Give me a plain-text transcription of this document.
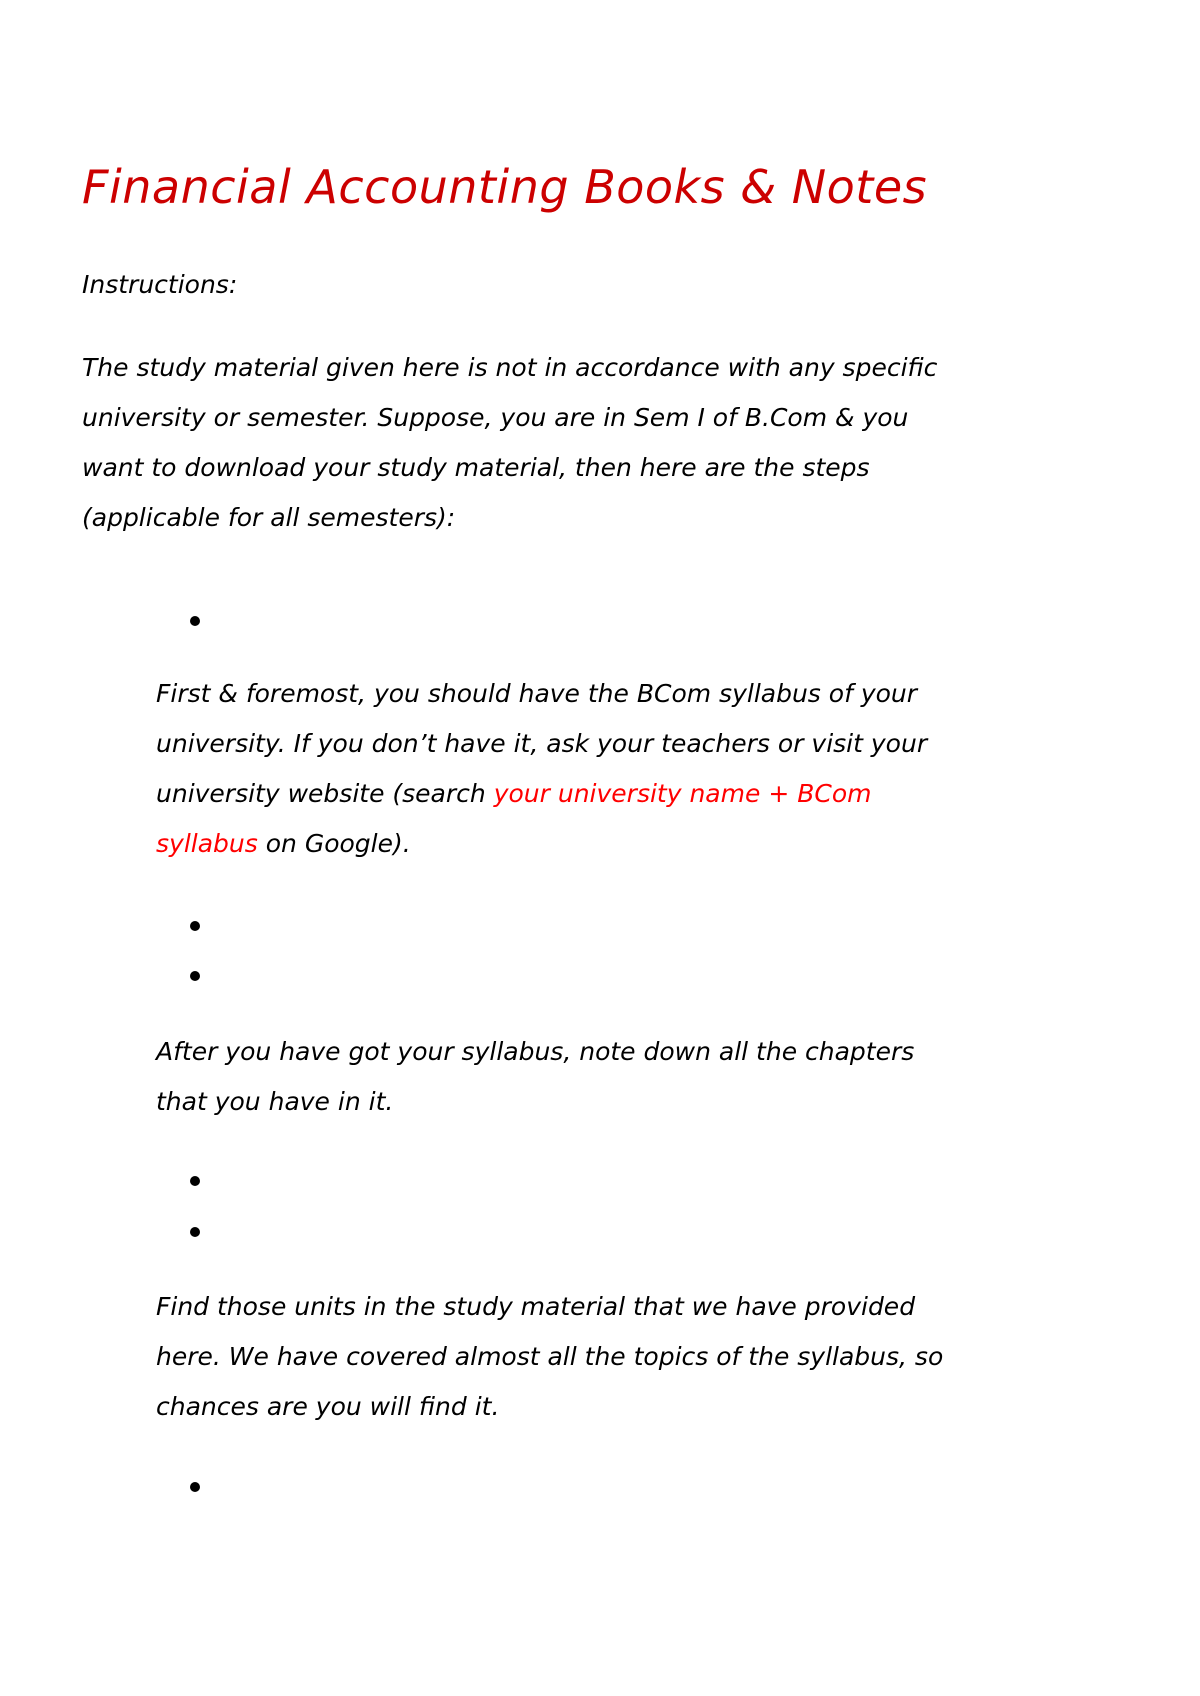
Financial Accounting Books & Notes

Instructions:

The study material given here is not in accordance with any specific
university or semester. Suppose, you are in Sem I of B.Com & you
want to download your study material, then here are the steps
(applicable for all semesters):

First & foremost, you should have the BCom syllabus of your
university. If you don’t have it, ask your teachers or visit your
university website (search your university name + BCom
syllabus on Google).

After you have got your syllabus, note down all the chapters
that you have in it.

Find those units in the study material that we have provided
here. We have covered almost all the topics of the syllabus, so
chances are you will find it.
